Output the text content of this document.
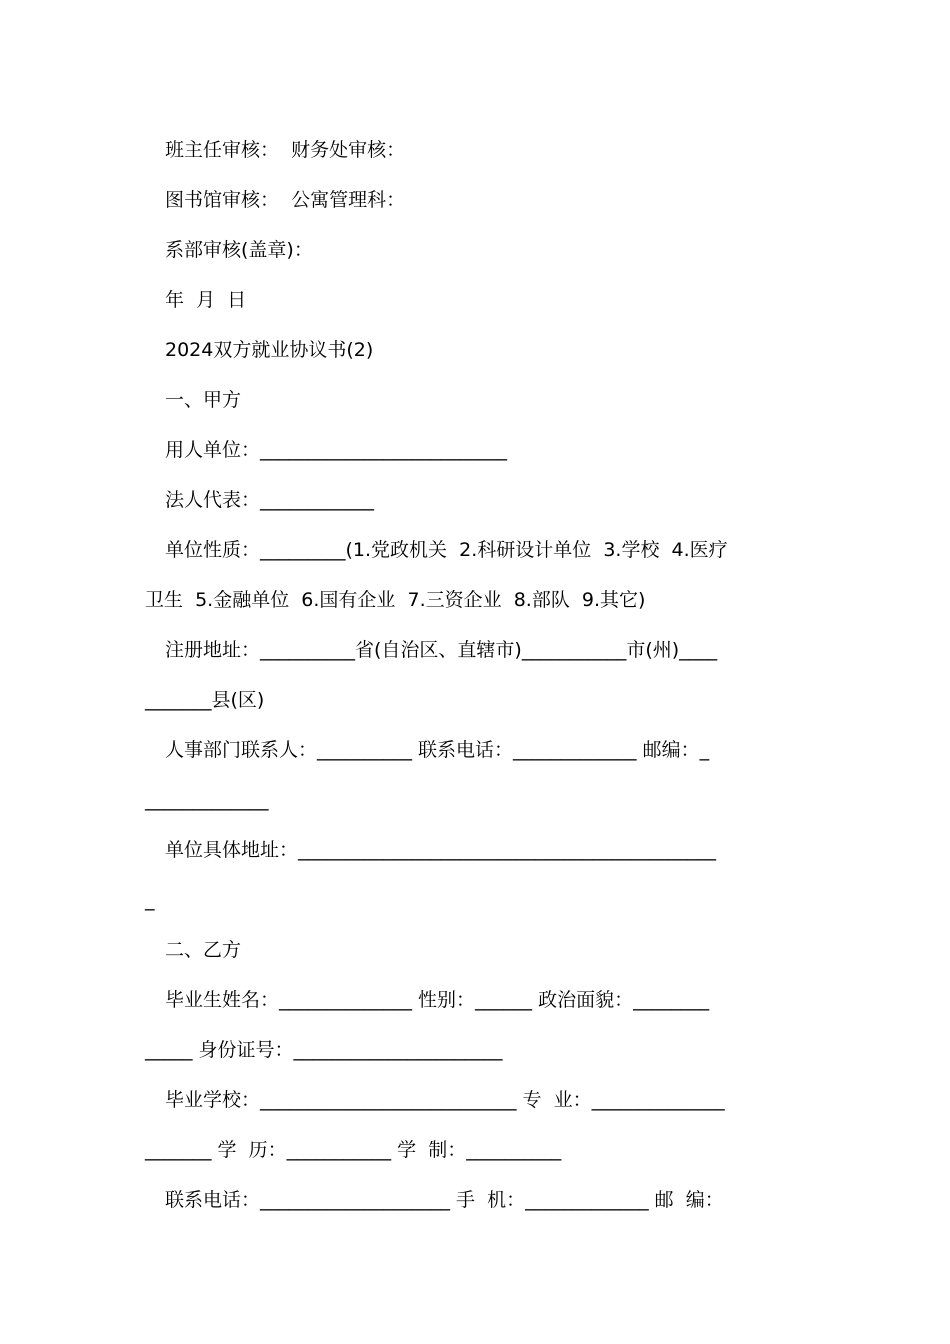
班主任审核：  财务处审核：

图书馆审核：  公寓管理科：

系部审核(盖章)：

年  月  日

2024双方就业协议书(2)

一、甲方

用人单位：__________________________

法人代表：____________

单位性质：_________(1.党政机关  2.科研设计单位  3.学校  4.医疗

卫生  5.金融单位  6.国有企业  7.三资企业  8.部队  9.其它)

注册地址：__________省(自治区、直辖市)___________市(州)____

_______县(区)

人事部门联系人：__________ 联系电话：_____________ 邮编：_

_____________

单位具体地址：____________________________________________

_

二、乙方

毕业生姓名：______________ 性别：______ 政治面貌：________

_____ 身份证号：______________________

毕业学校：___________________________ 专  业：______________

_______ 学  历：___________ 学  制：__________

联系电话：____________________ 手  机：_____________ 邮  编：
